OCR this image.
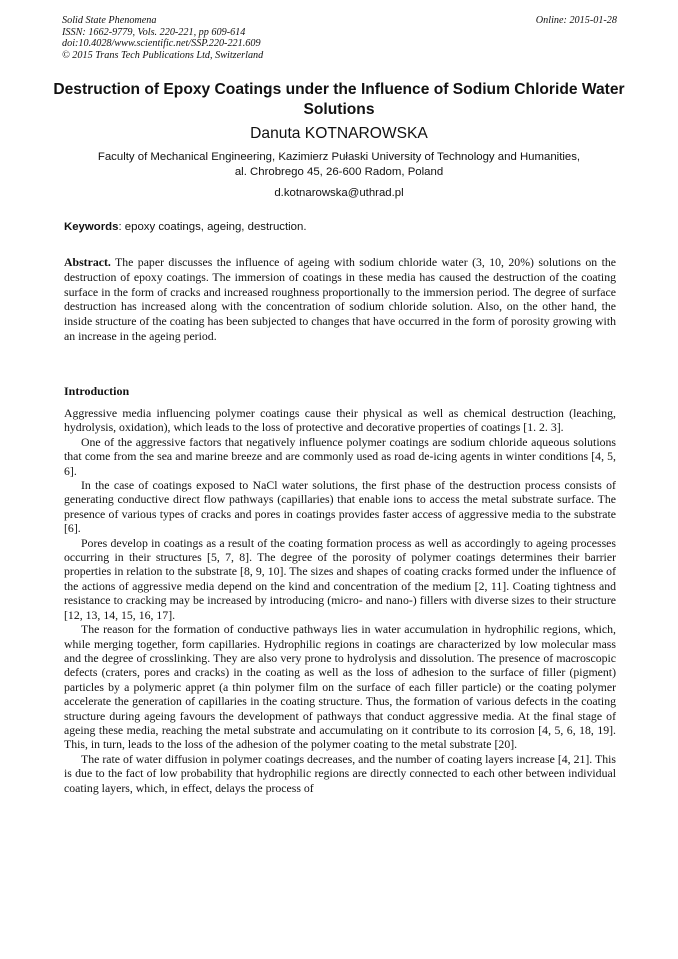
Solid State Phenomena
ISSN: 1662-9779, Vols. 220-221, pp 609-614
doi:10.4028/www.scientific.net/SSP.220-221.609
© 2015 Trans Tech Publications Ltd, Switzerland
Online: 2015-01-28
Destruction of Epoxy Coatings under the Influence of Sodium Chloride Water Solutions
Danuta KOTNAROWSKA
Faculty of Mechanical Engineering, Kazimierz Pułaski University of Technology and Humanities,
al. Chrobrego 45, 26-600 Radom, Poland
d.kotnarowska@uthrad.pl
Keywords: epoxy coatings, ageing, destruction.
Abstract. The paper discusses the influence of ageing with sodium chloride water (3, 10, 20%) solutions on the destruction of epoxy coatings. The immersion of coatings in these media has caused the destruction of the coating surface in the form of cracks and increased roughness proportionally to the immersion period. The degree of surface destruction has increased along with the concentration of sodium chloride solution. Also, on the other hand, the inside structure of the coating has been subjected to changes that have occurred in the form of porosity growing with an increase in the ageing period.
Introduction

Aggressive media influencing polymer coatings cause their physical as well as chemical destruction (leaching, hydrolysis, oxidation), which leads to the loss of protective and decorative properties of coatings [1. 2. 3].

One of the aggressive factors that negatively influence polymer coatings are sodium chloride aqueous solutions that come from the sea and marine breeze and are commonly used as road de-icing agents in winter conditions [4, 5, 6].

In the case of coatings exposed to NaCl water solutions, the first phase of the destruction process consists of generating conductive direct flow pathways (capillaries) that enable ions to access the metal substrate surface. The presence of various types of cracks and pores in coatings provides faster access of aggressive media to the substrate [6].

Pores develop in coatings as a result of the coating formation process as well as accordingly to ageing processes occurring in their structures [5, 7, 8]. The degree of the porosity of polymer coatings determines their barrier properties in relation to the substrate [8, 9, 10]. The sizes and shapes of coating cracks formed under the influence of the actions of aggressive media depend on the kind and concentration of the medium [2, 11]. Coating tightness and resistance to cracking may be increased by introducing (micro- and nano-) fillers with diverse sizes to their structure [12, 13, 14, 15, 16, 17].

The reason for the formation of conductive pathways lies in water accumulation in hydrophilic regions, which, while merging together, form capillaries. Hydrophilic regions in coatings are characterized by low molecular mass and the degree of crosslinking. They are also very prone to hydrolysis and dissolution. The presence of macroscopic defects (craters, pores and cracks) in the coating as well as the loss of adhesion to the surface of filler (pigment) particles by a polymeric appret (a thin polymer film on the surface of each filler particle) or the coating polymer accelerate the generation of capillaries in the coating structure. Thus, the formation of various defects in the coating structure during ageing favours the development of pathways that conduct aggressive media. At the final stage of ageing these media, reaching the metal substrate and accumulating on it contribute to its corrosion [4, 5, 6, 18, 19]. This, in turn, leads to the loss of the adhesion of the polymer coating to the metal substrate [20].

The rate of water diffusion in polymer coatings decreases, and the number of coating layers increase [4, 21]. This is due to the fact of low probability that hydrophilic regions are directly connected to each other between individual coating layers, which, in effect, delays the process of
